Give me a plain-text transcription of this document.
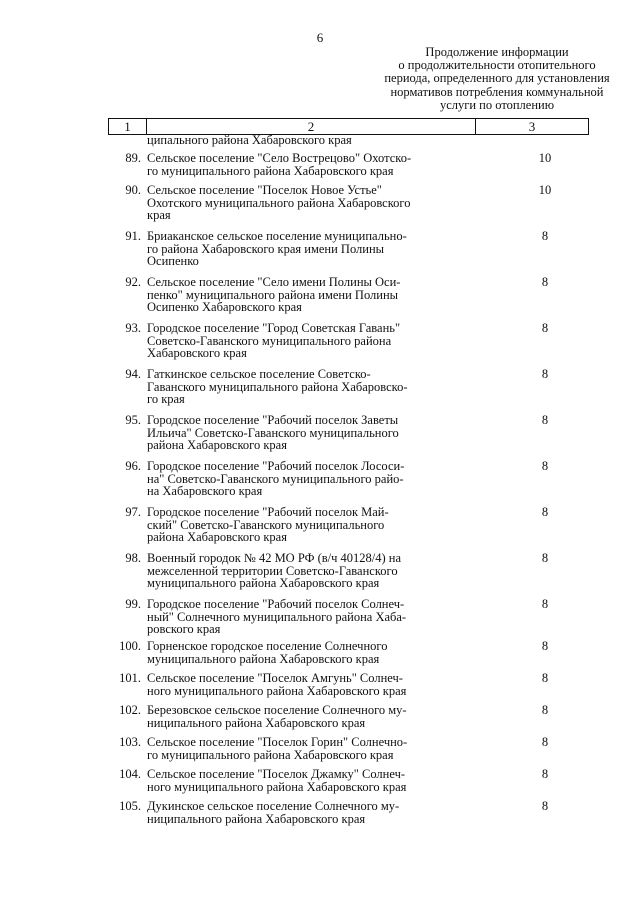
6
Продолжение информации
о продолжительности отопительного
периода, определенного для установления
нормативов потребления коммунальной
услуги по отоплению
1	2	3
ципального района Хабаровского края
89. Сельское поселение "Село Вострецово" Охотско-
го муниципального района Хабаровского края
10
90. Сельское поселение "Поселок Новое Устье"
Охотского муниципального района Хабаровского
края
10
91. Бриаканское сельское поселение муниципально-
го района Хабаровского края имени Полины
Осипенко
8
92. Сельское поселение "Село имени Полины Оси-
пенко" муниципального района имени Полины
Осипенко Хабаровского края
8
93. Городское поселение "Город Советская Гавань"
Советско-Гаванского муниципального района
Хабаровского края
8
94. Гаткинское сельское поселение Советско-
Гаванского муниципального района Хабаровско-
го края
8
95. Городское поселение "Рабочий поселок Заветы
Ильича" Советско-Гаванского муниципального
района Хабаровского края
8
96. Городское поселение "Рабочий поселок Лососи-
на" Советско-Гаванского муниципального райо-
на Хабаровского края
8
97. Городское поселение "Рабочий поселок Май-
ский" Советско-Гаванского муниципального
района Хабаровского края
8
98. Военный городок № 42 МО РФ (в/ч 40128/4) на
межселенной территории Советско-Гаванского
муниципального района Хабаровского края
8
99. Городское поселение "Рабочий поселок Солнеч-
ный" Солнечного муниципального района Хаба-
ровского края
8
100. Горненское городское поселение Солнечного
муниципального района Хабаровского края
8
101. Сельское поселение "Поселок Амгунь" Солнеч-
ного муниципального района Хабаровского края
8
102. Березовское сельское поселение Солнечного му-
ниципального района Хабаровского края
8
103. Сельское поселение "Поселок Горин" Солнечно-
го муниципального района Хабаровского края
8
104. Сельское поселение "Поселок Джамку" Солнеч-
ного муниципального района Хабаровского края
8
105. Дукинское сельское поселение Солнечного му-
ниципального района Хабаровского края
8
